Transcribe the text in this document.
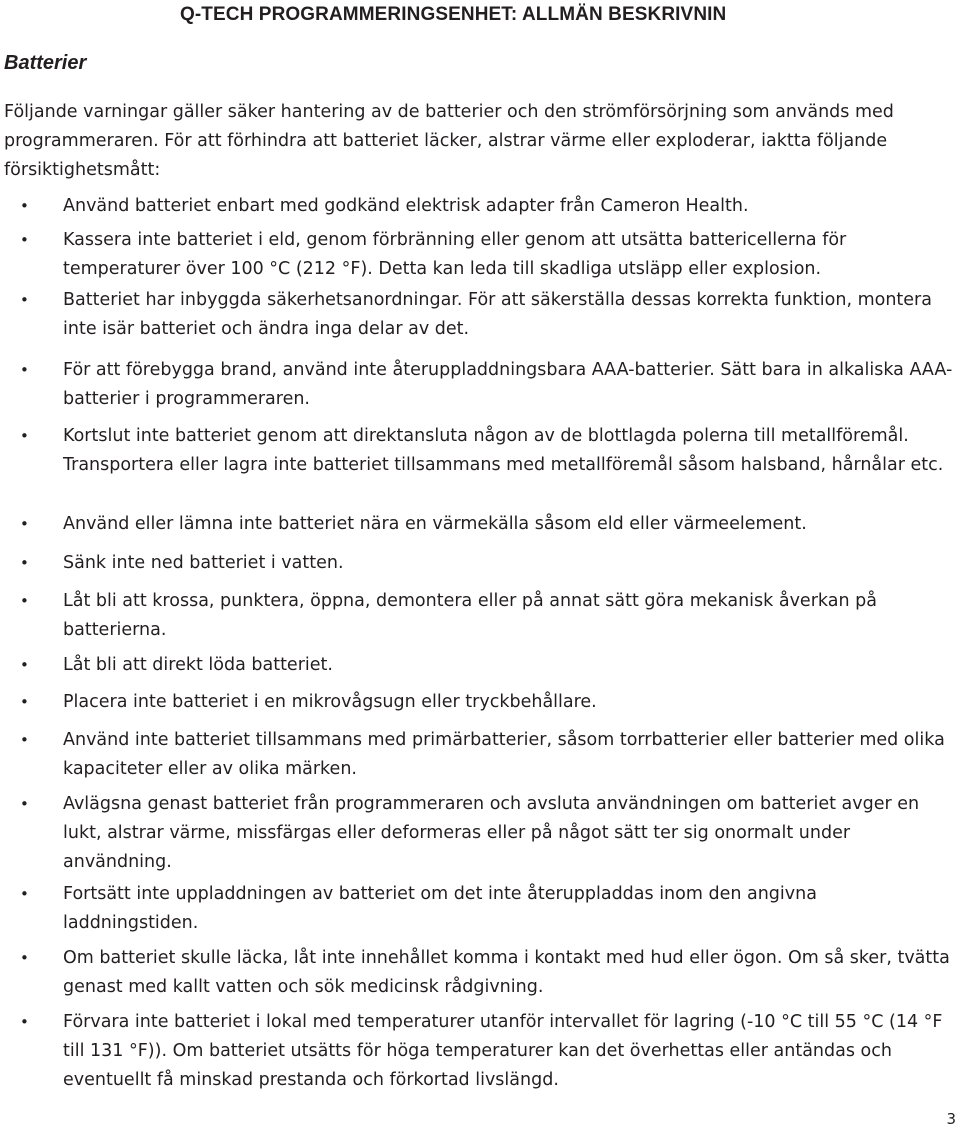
Q-TECH PROGRAMMERINGSENHET: ALLMÄN BESKRIVNIN
Batterier

Följande varningar gäller säker hantering av de batterier och den strömförsörjning som används med programmeraren. För att förhindra att batteriet läcker, alstrar värme eller exploderar, iaktta följande försiktighetsmått:

• Använd batteriet enbart med godkänd elektrisk adapter från Cameron Health.
• Kassera inte batteriet i eld, genom förbränning eller genom att utsätta battericellerna för temperaturer över 100 °C (212 °F). Detta kan leda till skadliga utsläpp eller explosion.
• Batteriet har inbyggda säkerhetsanordningar. För att säkerställa dessas korrekta funktion, montera inte isär batteriet och ändra inga delar av det.
• För att förebygga brand, använd inte återuppladdningsbara AAA-batterier. Sätt bara in alkaliska AAA-batterier i programmeraren.
• Kortslut inte batteriet genom att direktansluta någon av de blottlagda polerna till metallföremål. Transportera eller lagra inte batteriet tillsammans med metallföremål såsom halsband, hårnålar etc.
• Använd eller lämna inte batteriet nära en värmekälla såsom eld eller värmeelement.
• Sänk inte ned batteriet i vatten.
• Låt bli att krossa, punktera, öppna, demontera eller på annat sätt göra mekanisk åverkan på batterierna.
• Låt bli att direkt löda batteriet.
• Placera inte batteriet i en mikrovågsugn eller tryckbehållare.
• Använd inte batteriet tillsammans med primärbatterier, såsom torrbatterier eller batterier med olika kapaciteter eller av olika märken.
• Avlägsna genast batteriet från programmeraren och avsluta användningen om batteriet avger en lukt, alstrar värme, missfärgas eller deformeras eller på något sätt ter sig onormalt under användning.
• Fortsätt inte uppladdningen av batteriet om det inte återuppladdas inom den angivna laddningstiden.
• Om batteriet skulle läcka, låt inte innehållet komma i kontakt med hud eller ögon. Om så sker, tvätta genast med kallt vatten och sök medicinsk rådgivning.
• Förvara inte batteriet i lokal med temperaturer utanför intervallet för lagring (-10 °C till 55 °C (14 °F till 131 °F)). Om batteriet utsätts för höga temperaturer kan det överhettas eller antändas och eventuellt få minskad prestanda och förkortad livslängd.
3
